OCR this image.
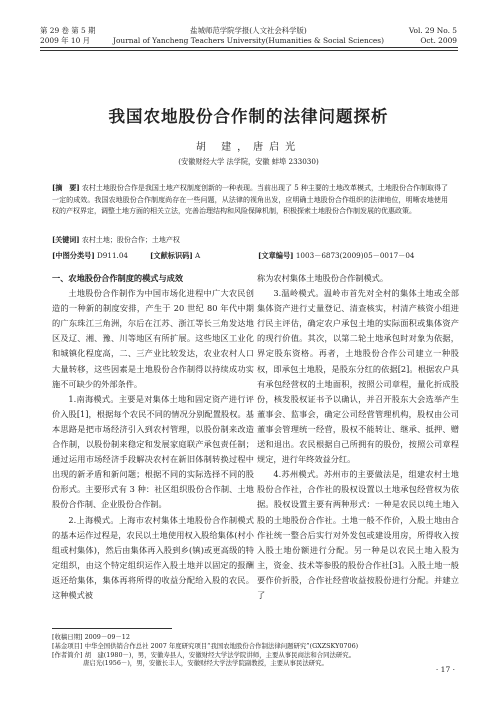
第 29 卷 第 5 期
2009 年 10 月
盐城师范学院学报(人文社会科学版)
Journal of Yancheng Teachers University(Humanities & Social Sciences)
Vol. 29 No. 5
Oct. 2009
我国农地股份合作制的法律问题探析
胡 建，唐启光
(安徽财经大学 法学院，安徽 蚌埠 233030)
[摘　要] 农村土地股份合作是我国土地产权制度创新的一种表现。当前出现了 5 种主要的土地改革模式，土地股份合作制取得了一定的成效。我国农地股份合作制度尚存在一些问题，从法律的视角出发，应明确土地股份合作组织的法律地位，明晰农地使用权的产权界定，调整土地方面的相关立法，完善治理结构和风险保障机制，积极探索土地股份合作制发展的优惠政策。
[关键词] 农村土地；股份合作；土地产权
[中图分类号] D911.04	[文献标识码] A	[文章编号] 1003－6873(2009)05－0017－04

一、农地股份合作制度的模式与成效

土地股份合作制作为中国市场化进程中广大农民创造的一种新的制度安排，产生于 20 世纪 80 年代中期的广东珠江三角洲，尔后在江苏、浙江等长三角发达地区及辽、湘、豫、川等地区有所扩展。这些地区工业化和城镇化程度高，二、三产业比较发达，农业农村人口大量转移，这些因素是土地股份合作制得以持续成功实施不可缺少的外部条件。

1.南海模式。主要是对集体土地和固定资产进行评价入股[1]，根据每个农民不同的情况分别配置股权。基本思路是把市场经济引入到农村管理，以股份制来改造合作制，以股份制来稳定和发展家庭联产承包责任制；通过运用市场经济手段解决农村在新旧体制转换过程中出现的新矛盾和新问题；根据不同的实际选择不同的股份形式。主要形式有 3 种：社区组织股份合作制、土地股份合作制、企业股份合作制。

2.上海模式。上海市农村集体土地股份合作制模式的基本运作过程是，农民以土地使用权入股给集体(村小组或村集体)，然后由集体再入股到乡(镇)或更高级的特定组织，由这个特定组织运作入股土地并以固定的报酬返还给集体，集体再将所得的收益分配给入股的农民。这种模式被

称为农村集体土地股份合作制模式。

3.温岭模式。温岭市首先对全村的集体土地或全部集体资产进行丈量登记、清查核实，村清产核资小组进行民主评估，确定农户承包土地的实际面积或集体资产的现行价值。其次，以第二轮土地承包时对象为依据，界定股东资格。再者，土地股份合作公司建立一种股权，即承包土地股，是股东分红的依据[2]。根据农户具有承包经营权的土地面积，按照公司章程，量化折成股份，核发股权证书予以确认，并召开股东大会选举产生董事会、监事会，确定公司经营管理机构，股权由公司董事会管理统一经营，股权不能转让、继承、抵押、赠送和退出。农民根据自己所拥有的股份，按照公司章程规定，进行年终效益分红。

4.苏州模式。苏州市的主要做法是，组建农村土地股份合作社，合作社的股权设置以土地承包经营权为依据。股权设置主要有两种形式：一种是农民以纯土地入股的土地股份合作社。土地一般不作价，入股土地由合作社统一整合后实行对外发包或建设用房，所得收入按入股土地份额进行分配。另一种是以农民土地入股为主，资金、技术等参股的股份合作社[3]。入股土地一般要作价折股，合作社经营收益按股份进行分配。并建立了

[收稿日期] 2009－09－12
[基金项目] 中华全国供销合作总社 2007 年度研究项目“我国农地股份合作制法律问题研究”(GXZSKY0706)
[作者简介] 胡　建(1980－)，男，安徽寿县人，安徽财经大学法学院讲师，主要从事民商法和合同法研究。
唐启光(1956－)，男，安徽长丰人，安徽财经大学法学院副教授，主要从事民法研究。
· 17 ·
